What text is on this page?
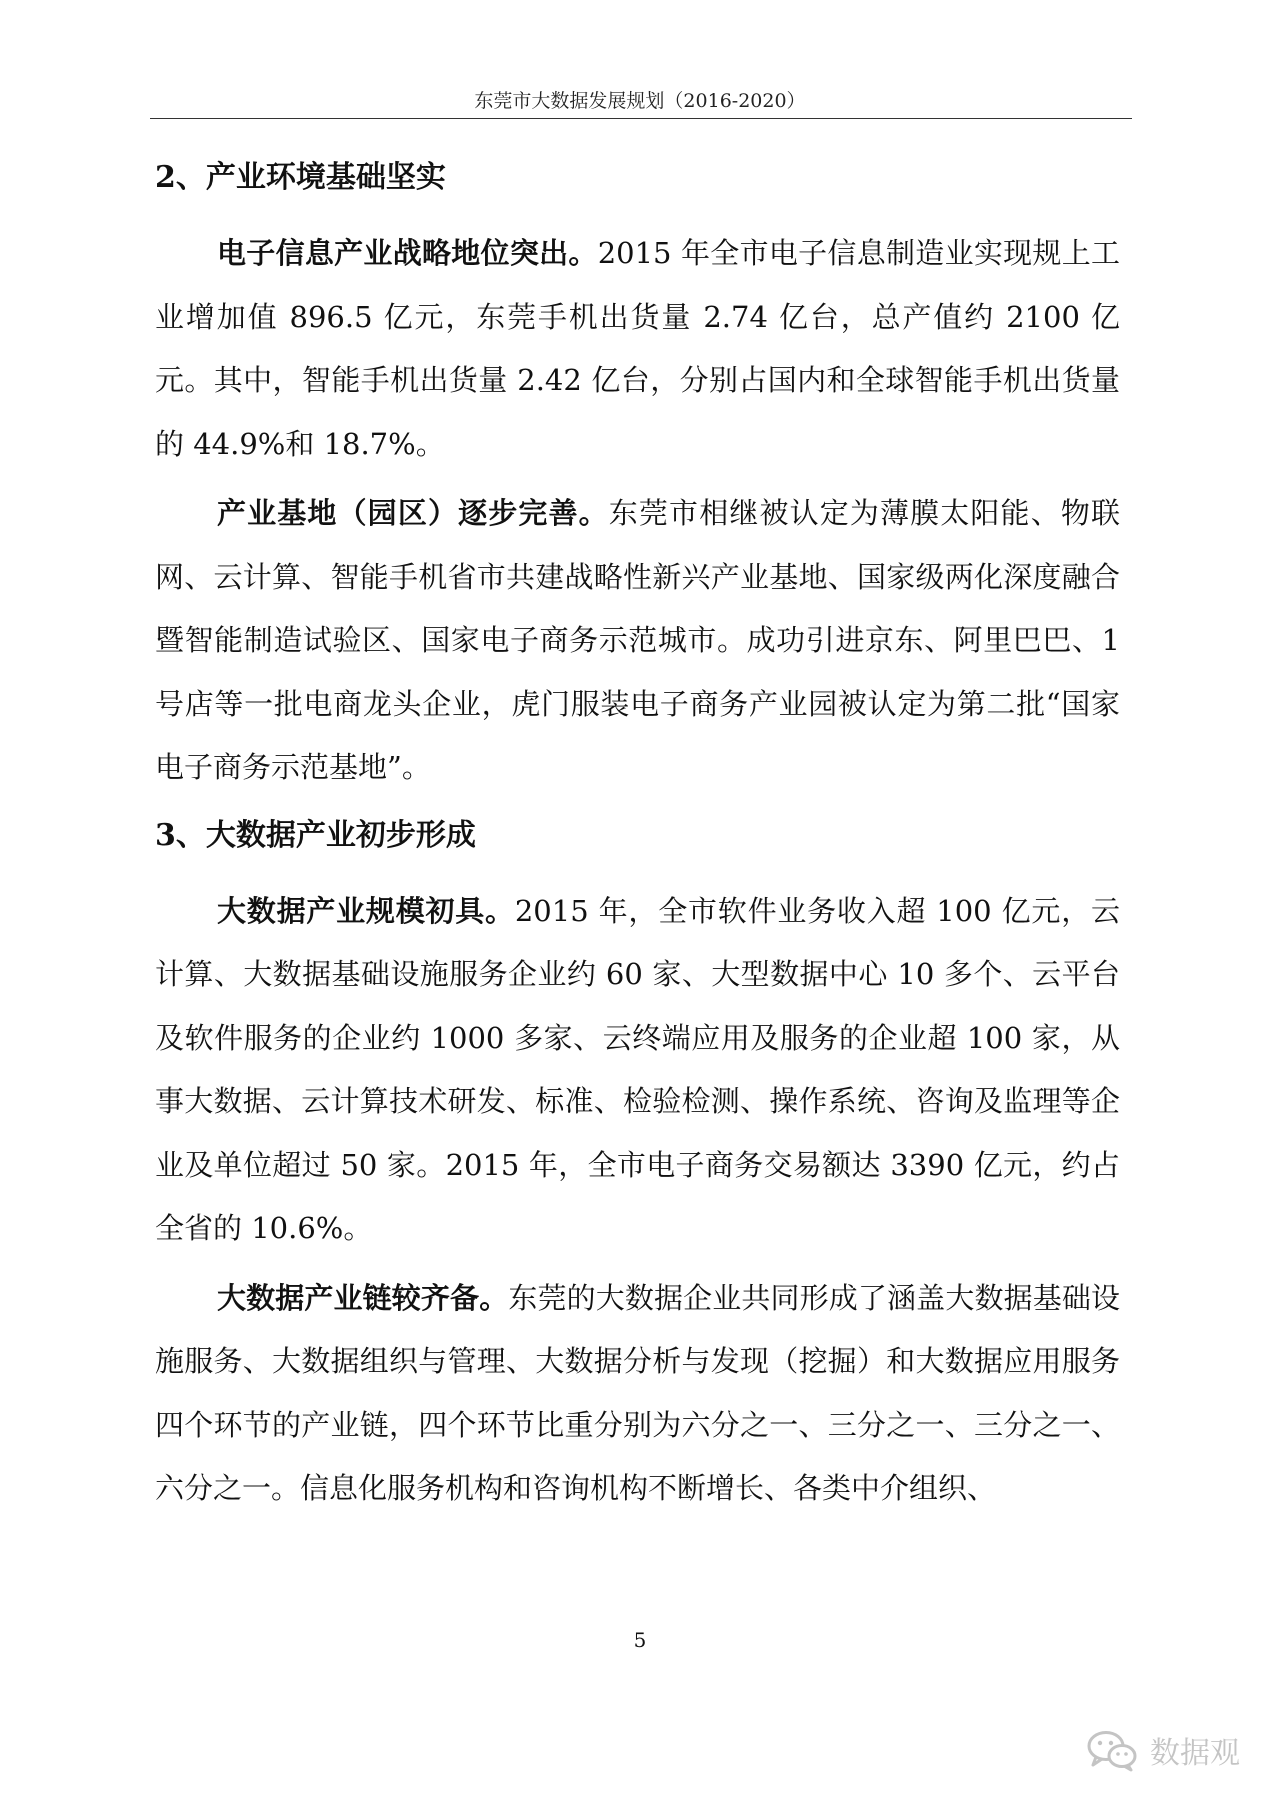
东莞市大数据发展规划（2016-2020）
2、产业环境基础坚实

电子信息产业战略地位突出。2015 年全市电子信息制造业实现规上工业增加值 896.5 亿元，东莞手机出货量 2.74 亿台，总产值约 2100 亿元。其中，智能手机出货量 2.42 亿台，分别占国内和全球智能手机出货量的 44.9%和 18.7%。

产业基地（园区）逐步完善。东莞市相继被认定为薄膜太阳能、物联网、云计算、智能手机省市共建战略性新兴产业基地、国家级两化深度融合暨智能制造试验区、国家电子商务示范城市。成功引进京东、阿里巴巴、1 号店等一批电商龙头企业，虎门服装电子商务产业园被认定为第二批“国家电子商务示范基地”。

3、大数据产业初步形成

大数据产业规模初具。2015 年，全市软件业务收入超 100 亿元，云计算、大数据基础设施服务企业约 60 家、大型数据中心 10 多个、云平台及软件服务的企业约 1000 多家、云终端应用及服务的企业超 100 家，从事大数据、云计算技术研发、标准、检验检测、操作系统、咨询及监理等企业及单位超过 50 家。2015 年，全市电子商务交易额达 3390 亿元，约占全省的 10.6%。

大数据产业链较齐备。东莞的大数据企业共同形成了涵盖大数据基础设施服务、大数据组织与管理、大数据分析与发现（挖掘）和大数据应用服务四个环节的产业链，四个环节比重分别为六分之一、三分之一、三分之一、六分之一。信息化服务机构和咨询机构不断增长、各类中介组织、

5
数据观
